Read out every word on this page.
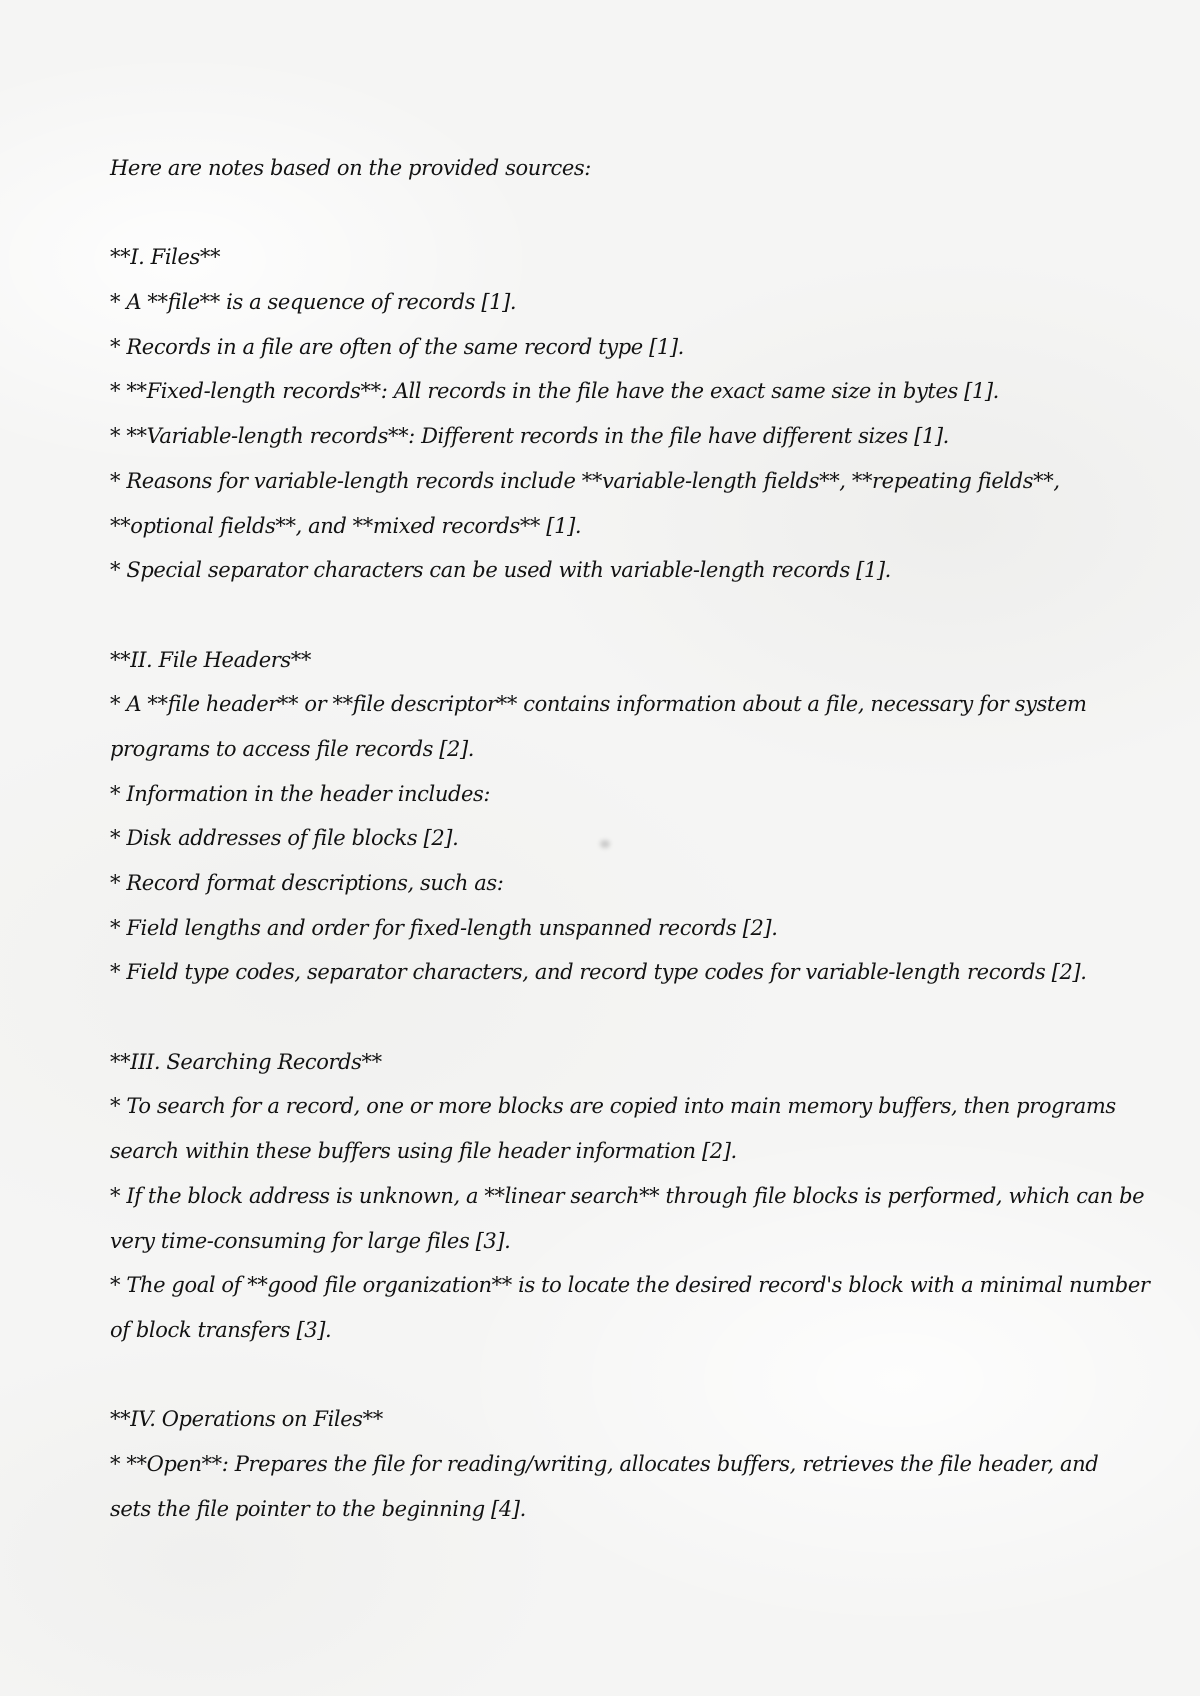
Here are notes based on the provided sources:
**I. Files**
* A **file** is a sequence of records [1].
* Records in a file are often of the same record type [1].
* **Fixed-length records**: All records in the file have the exact same size in bytes [1].
* **Variable-length records**: Different records in the file have different sizes [1].
* Reasons for variable-length records include **variable-length fields**, **repeating fields**,
**optional fields**, and **mixed records** [1].
* Special separator characters can be used with variable-length records [1].
**II. File Headers**
* A **file header** or **file descriptor** contains information about a file, necessary for system
programs to access file records [2].
* Information in the header includes:
* Disk addresses of file blocks [2].
* Record format descriptions, such as:
* Field lengths and order for fixed-length unspanned records [2].
* Field type codes, separator characters, and record type codes for variable-length records [2].
**III. Searching Records**
* To search for a record, one or more blocks are copied into main memory buffers, then programs
search within these buffers using file header information [2].
* If the block address is unknown, a **linear search** through file blocks is performed, which can be
very time-consuming for large files [3].
* The goal of **good file organization** is to locate the desired record's block with a minimal number
of block transfers [3].
**IV. Operations on Files**
* **Open**: Prepares the file for reading/writing, allocates buffers, retrieves the file header, and
sets the file pointer to the beginning [4].
